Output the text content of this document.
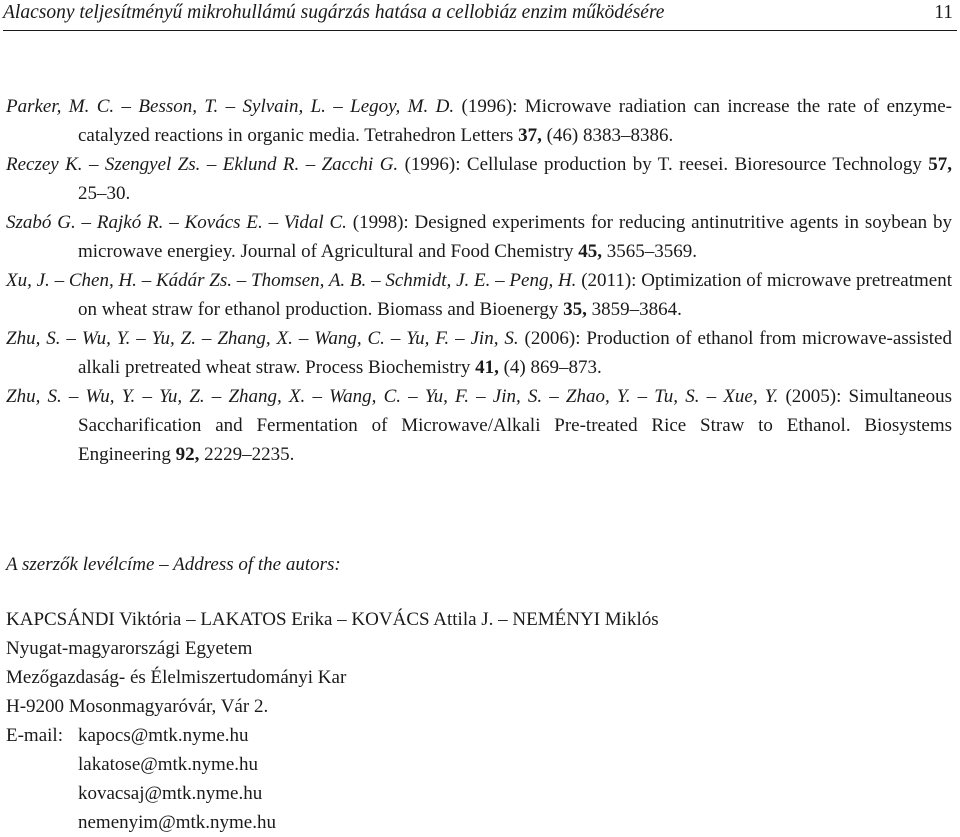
Alacsony teljesítményű mikrohullámú sugárzás hatása a cellobiáz enzim működésére	11

Parker, M. C. – Besson, T. – Sylvain, L. – Legoy, M. D. (1996): Microwave radiation can increase the rate of enzyme-catalyzed reactions in organic media. Tetrahedron Letters 37, (46) 8383–8386.

Reczey K. – Szengyel Zs. – Eklund R. – Zacchi G. (1996): Cellulase production by T. reesei. Bioresource Technology 57, 25–30.

Szabó G. – Rajkó R. – Kovács E. – Vidal C. (1998): Designed experiments for reducing antinutritive agents in soybean by microwave energiey. Journal of Agricultural and Food Chemistry 45, 3565–3569.

Xu, J. – Chen, H. – Kádár Zs. – Thomsen, A. B. – Schmidt, J. E. – Peng, H. (2011): Optimization of microwave pretreatment on wheat straw for ethanol production. Biomass and Bioenergy 35, 3859–3864.

Zhu, S. – Wu, Y. – Yu, Z. – Zhang, X. – Wang, C. – Yu, F. – Jin, S. (2006): Production of ethanol from microwave-assisted alkali pretreated wheat straw. Process Biochemistry 41, (4) 869–873.

Zhu, S. – Wu, Y. – Yu, Z. – Zhang, X. – Wang, C. – Yu, F. – Jin, S. – Zhao, Y. – Tu, S. – Xue, Y. (2005): Simultaneous Saccharification and Fermentation of Microwave/Alkali Pre-treated Rice Straw to Ethanol. Biosystems Engineering 92, 2229–2235.

A szerzők levélcíme – Address of the autors:
KAPCSÁNDI Viktória – LAKATOS Erika – KOVÁCS Attila J. – NEMÉNYI Miklós
Nyugat-magyarországi Egyetem
Mezőgazdaság- és Élelmiszertudományi Kar
H-9200 Mosonmagyaróvár, Vár 2.
E-mail: kapocs@mtk.nyme.hu
lakatose@mtk.nyme.hu
kovacsaj@mtk.nyme.hu
nemenyim@mtk.nyme.hu
